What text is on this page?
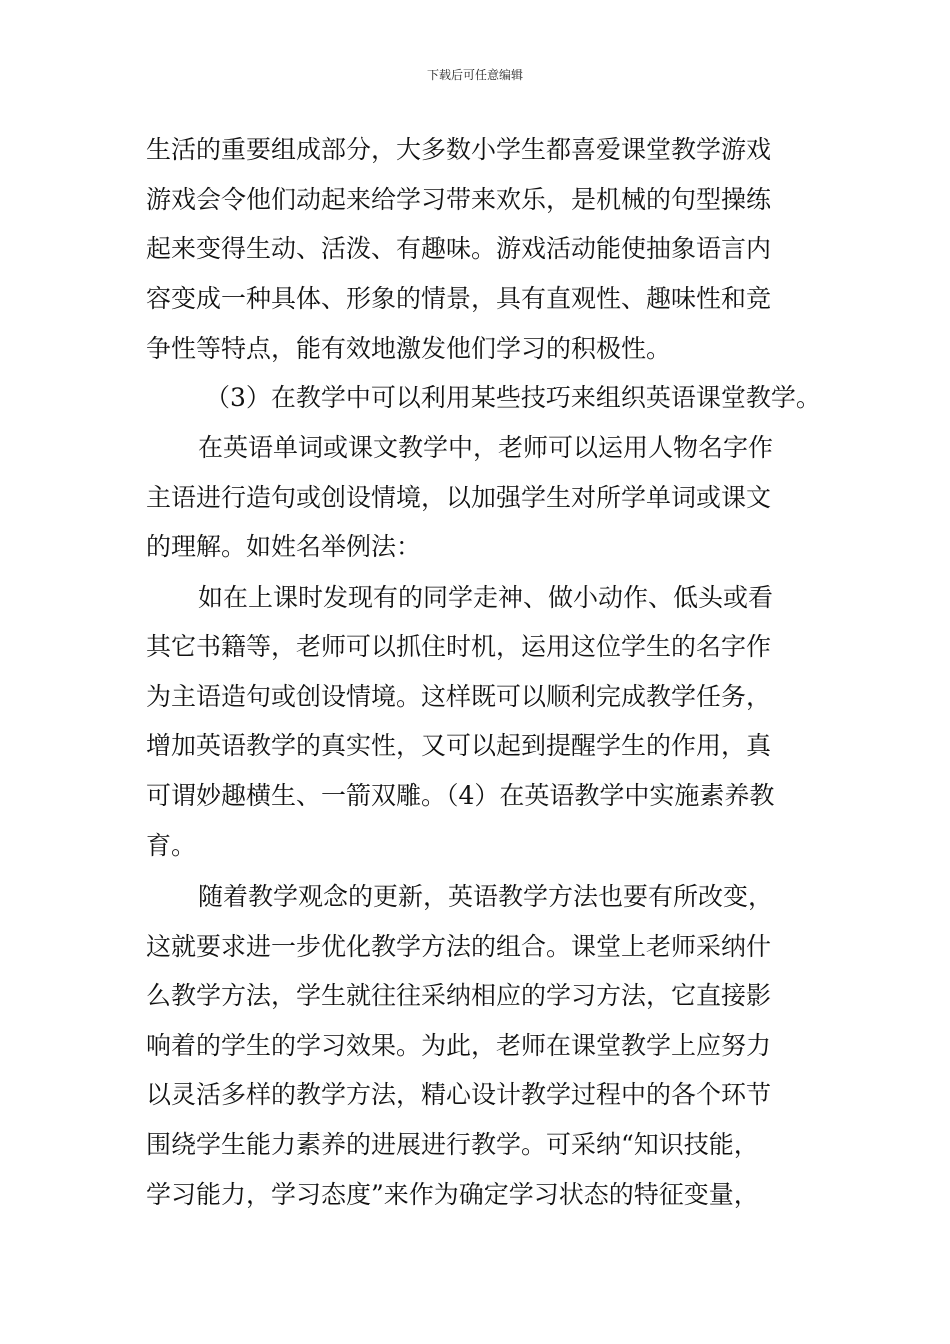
下载后可任意编辑
生活的重要组成部分，大多数小学生都喜爱课堂教学游戏
游戏会令他们动起来给学习带来欢乐，是机械的句型操练
起来变得生动、活泼、有趣味。游戏活动能使抽象语言内
容变成一种具体、形象的情景，具有直观性、趣味性和竞
争性等特点，能有效地激发他们学习的积极性。
（3）在教学中可以利用某些技巧来组织英语课堂教学。
在英语单词或课文教学中，老师可以运用人物名字作
主语进行造句或创设情境，以加强学生对所学单词或课文
的理解。如姓名举例法：
如在上课时发现有的同学走神、做小动作、低头或看
其它书籍等，老师可以抓住时机，运用这位学生的名字作
为主语造句或创设情境。这样既可以顺利完成教学任务，
增加英语教学的真实性，又可以起到提醒学生的作用，真
可谓妙趣横生、一箭双雕。（4）在英语教学中实施素养教
育。
随着教学观念的更新，英语教学方法也要有所改变，
这就要求进一步优化教学方法的组合。课堂上老师采纳什
么教学方法，学生就往往采纳相应的学习方法，它直接影
响着的学生的学习效果。为此，老师在课堂教学上应努力
以灵活多样的教学方法，精心设计教学过程中的各个环节
围绕学生能力素养的进展进行教学。可采纳“知识技能，
学习能力，学习态度”来作为确定学习状态的特征变量，
